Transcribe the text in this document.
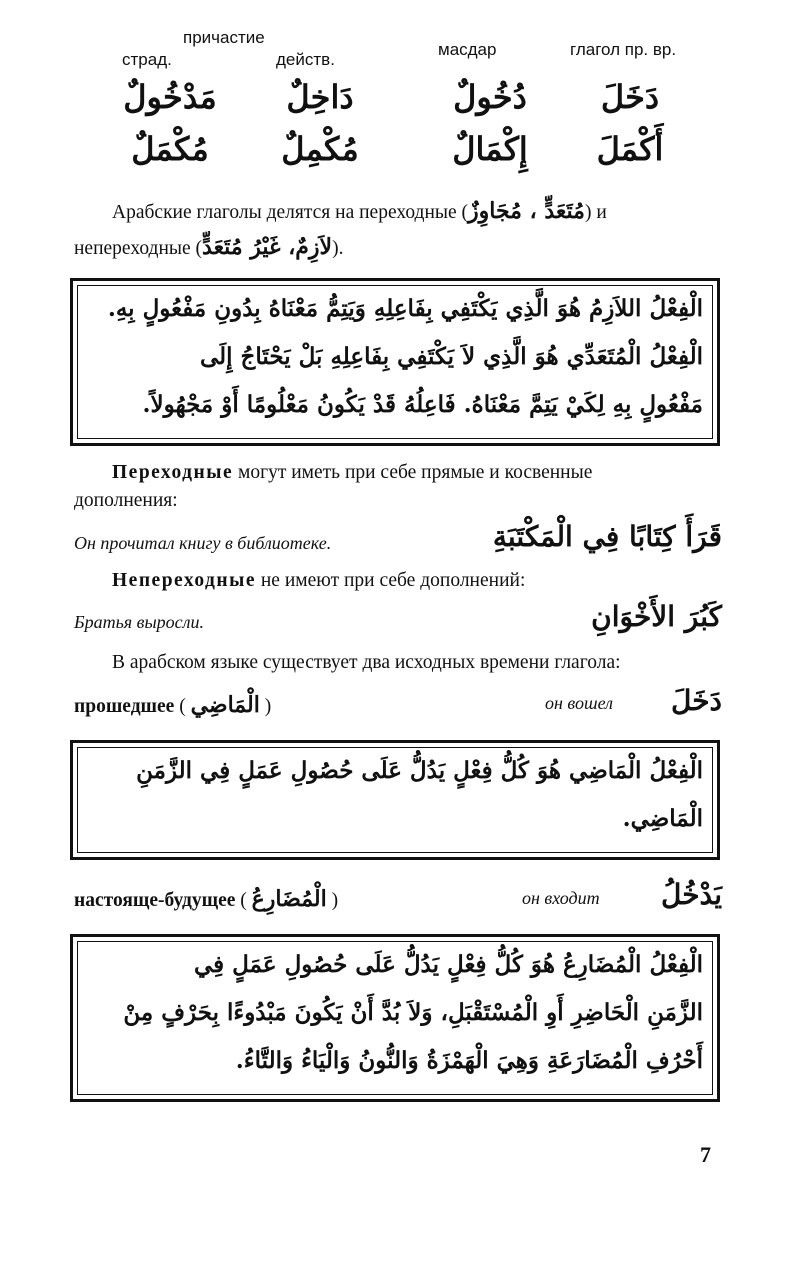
причастие
страд.	действ.
масдар	глагол пр. вр.
مَدْخُولٌ	دَاخِلٌ	دُخُولٌ	دَخَلَ
مُكْمَلٌ	مُكْمِلٌ	إِكْمَالٌ	أَكْمَلَ
Арабские глаголы делятся на переходные (مُتَعَدٍّ ، مُجَاوِزٌ) и
непереходные (لاَزِمٌ، غَيْرُ مُتَعَدٍّ).
الْفِعْلُ اللاَزِمُ هُوَ الَّذِي يَكْتَفِي بِفَاعِلِهِ وَيَتِمُّ مَعْنَاهُ بِدُونِ مَفْعُولٍ بِهِ.
الْفِعْلُ الْمُتَعَدِّي هُوَ الَّذِي لاَ يَكْتَفِي بِفَاعِلِهِ بَلْ يَحْتَاجُ إِلَى
مَفْعُولٍ بِهِ لِكَيْ يَتِمَّ مَعْنَاهُ. فَاعِلُهُ قَدْ يَكُونُ مَعْلُومًا أَوْ مَجْهُولاً.
Переходные могут иметь при себе прямые и косвенные
дополнения:
Он прочитал книгу в библиотеке.	قَرَأَ كِتَابًا فِي الْمَكْتَبَةِ
Непереходные не имеют при себе дополнений:
Братья выросли.	كَبُرَ الأَخْوَانِ
В арабском языке существует два исходных времени глагола:
прошедшее ( الْمَاضِي )	он вошел دَخَلَ
الْفِعْلُ الْمَاضِي هُوَ كُلُّ فِعْلٍ يَدُلُّ عَلَى حُصُولِ عَمَلٍ فِي الزَّمَنِ
الْمَاضِي.
настояще-будущее ( الْمُضَارِعُ )	он входит يَدْخُلُ
الْفِعْلُ الْمُضَارِعُ هُوَ كُلُّ فِعْلٍ يَدُلُّ عَلَى حُصُولِ عَمَلٍ فِي
الزَّمَنِ الْحَاضِرِ أَوِ الْمُسْتَقْبَلِ، وَلاَ بُدَّ أَنْ يَكُونَ مَبْدُوءًا بِحَرْفٍ مِنْ
أَحْرُفِ الْمُضَارَعَةِ وَهِيَ الْهَمْزَةُ وَالنُّونُ وَالْيَاءُ وَالتَّاءُ.
7
